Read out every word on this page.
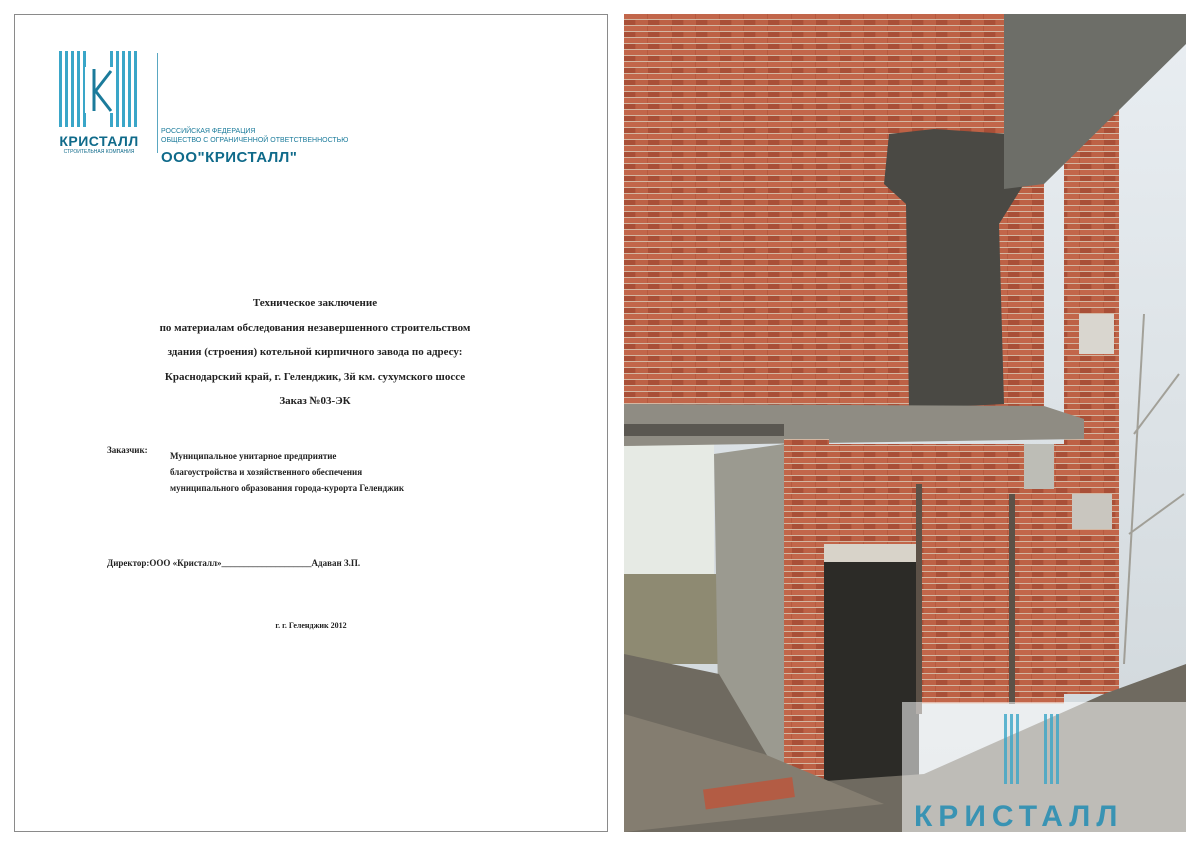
КРИСТАЛЛ
СТРОИТЕЛЬНАЯ КОМПАНИЯ
РОССИЙСКАЯ ФЕДЕРАЦИЯ
ОБЩЕСТВО С ОГРАНИЧЕННОЙ ОТВЕТСТВЕННОСТЬЮ
ООО"КРИСТАЛЛ"
Техническое заключение
по материалам обследования незавершенного строительством
здания (строения) котельной кирпичного завода по адресу:
Краснодарский край, г. Геленджик, 3й км. сухумского шоссе
Заказ №03-ЭК
Заказчик:
Муниципальное унитарное предприятие
благоустройства и хозяйственного обеспечения
муниципального образования города-курорта Геленджик
Директор:ООО «Кристалл»____________________Адаван З.П.
г. г. Геленджик 2012
КРИСТАЛЛ
